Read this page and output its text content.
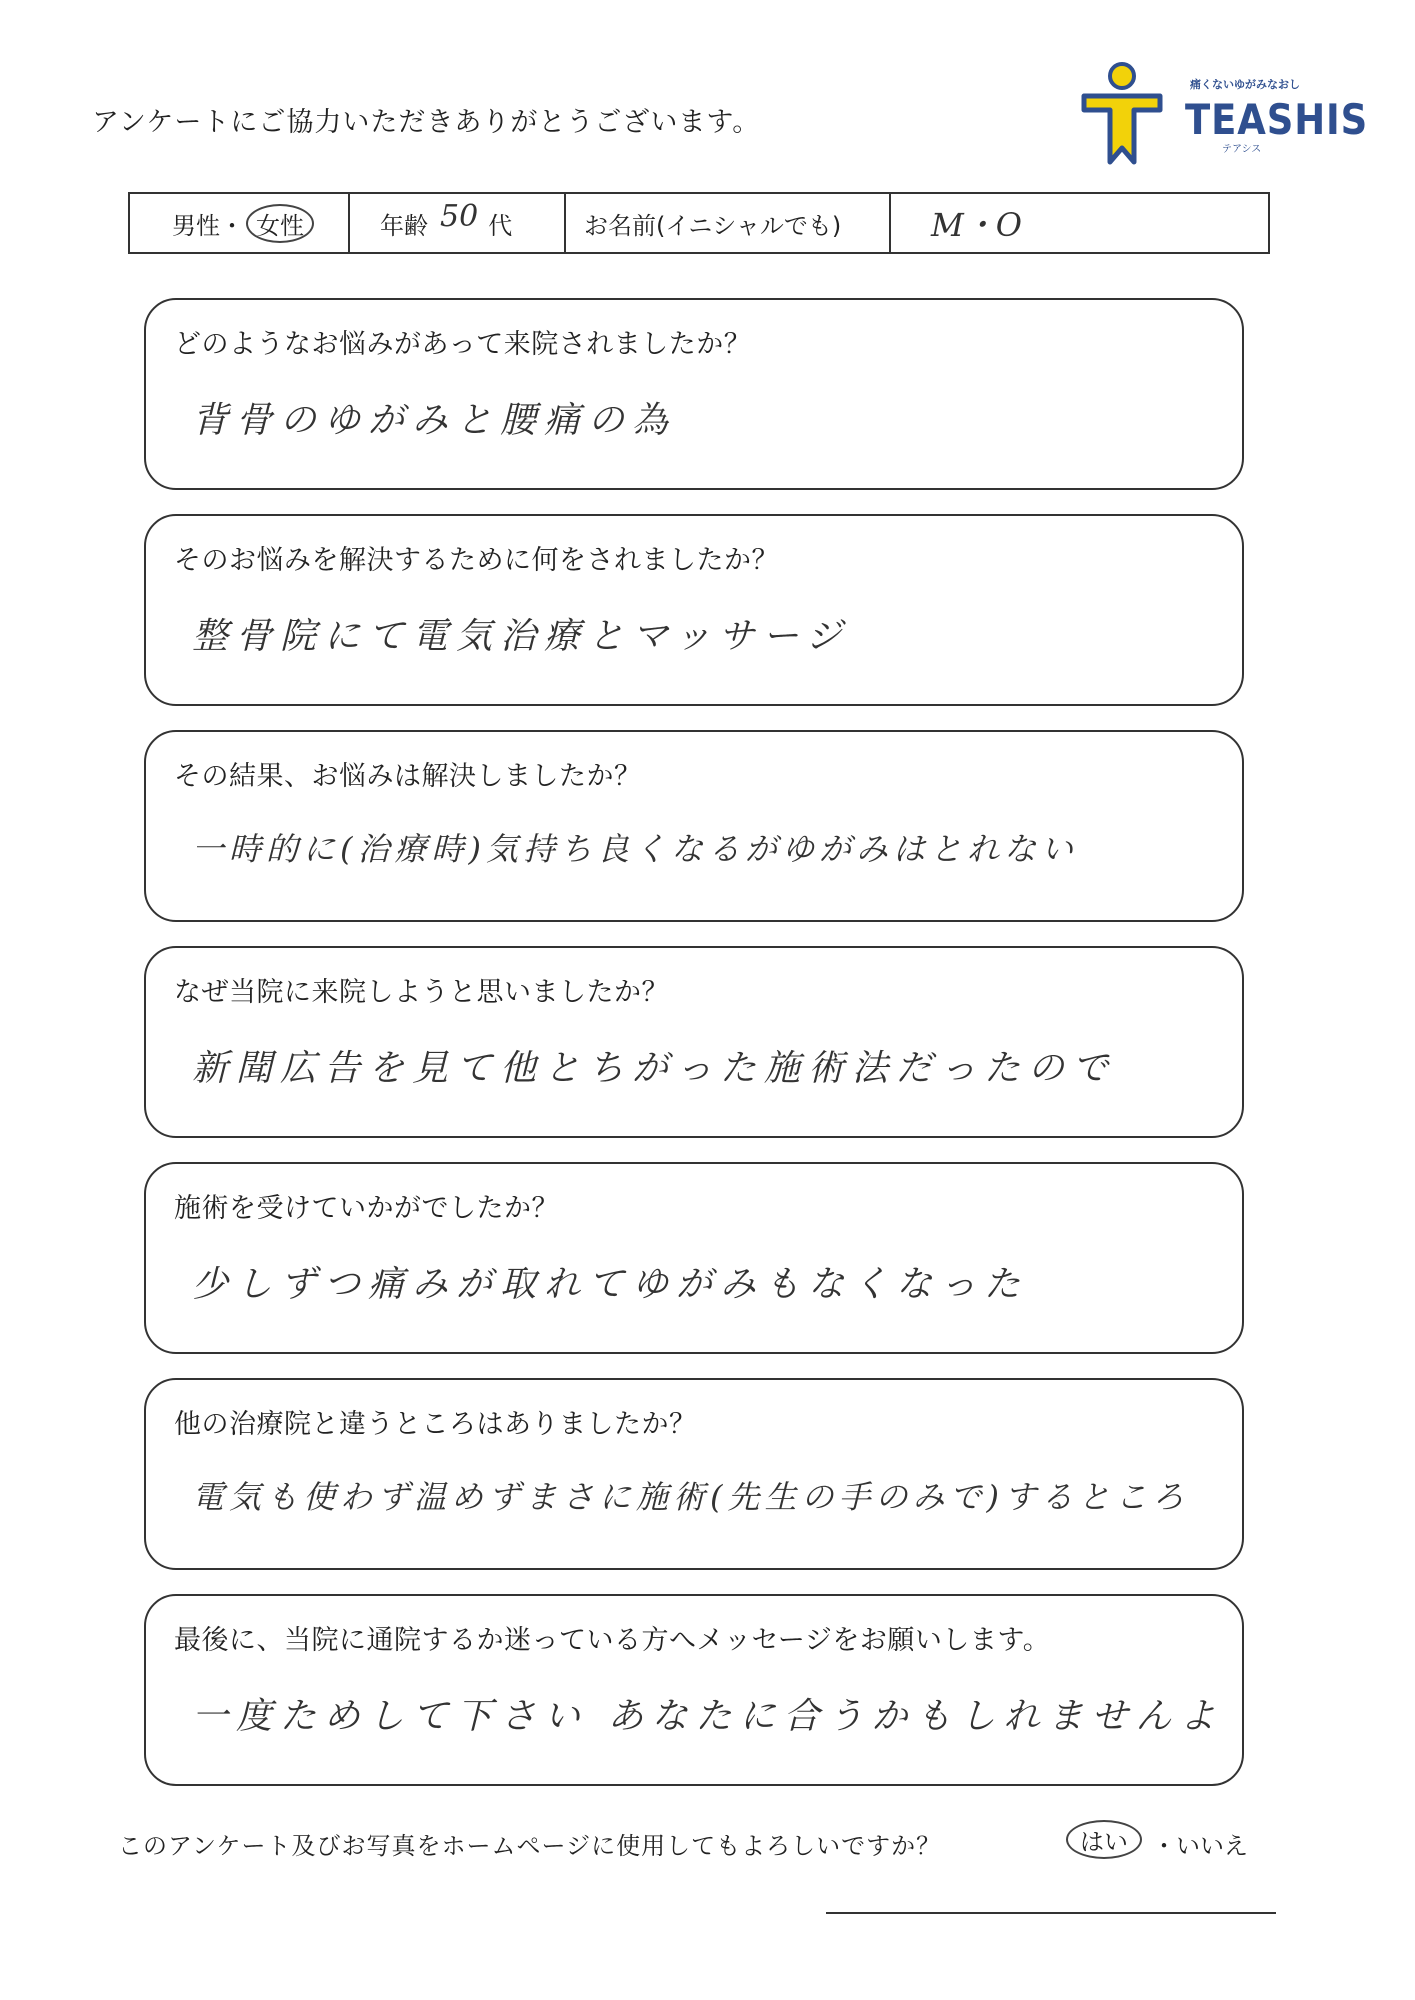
アンケートにご協力いただきありがとうございます。
痛くないゆがみなおし
TEASHIS
テアシス
男性・ 女性	年齢 50 代	お名前(イニシャルでも)	M・O
どのようなお悩みがあって来院されましたか？
背骨のゆがみと腰痛の為
そのお悩みを解決するために何をされましたか？
整骨院にて電気治療とマッサージ
その結果、お悩みは解決しましたか？
一時的に(治療時)気持ち良くなるがゆがみはとれない
なぜ当院に来院しようと思いましたか？
新聞広告を見て他とちがった施術法だったので
施術を受けていかがでしたか？
少しずつ痛みが取れてゆがみもなくなった
他の治療院と違うところはありましたか？
電気も使わず温めずまさに施術(先生の手のみで)するところ
最後に、当院に通院するか迷っている方へメッセージをお願いします。
一度ためして下さい あなたに合うかもしれませんよ
このアンケート及びお写真をホームページに使用してもよろしいですか？	はい	・いいえ
